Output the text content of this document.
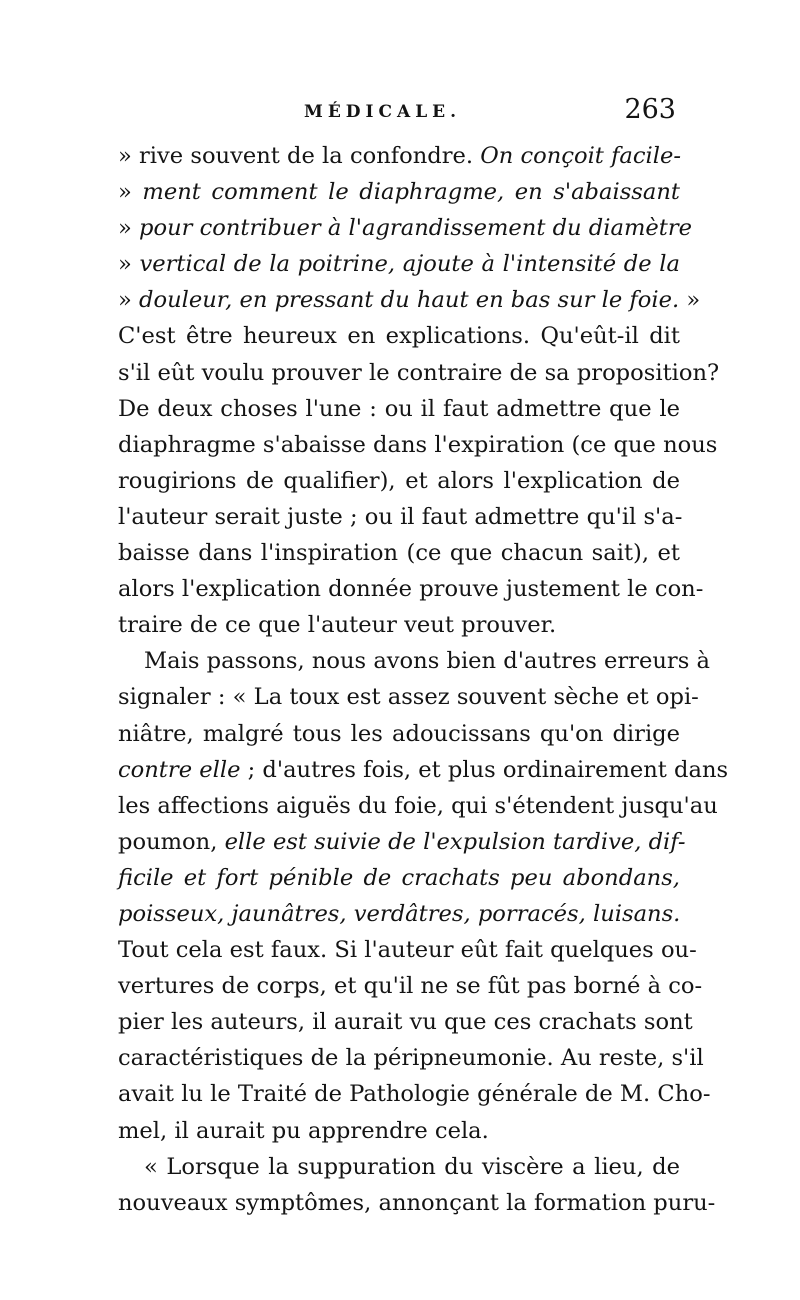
MÉDICALE.	263
» rive souvent de la confondre. On conçoit facile-
» ment comment le diaphragme, en s'abaissant
» pour contribuer à l'agrandissement du diamètre
» vertical de la poitrine, ajoute à l'intensité de la
» douleur, en pressant du haut en bas sur le foie. »
C'est être heureux en explications. Qu'eût-il dit
s'il eût voulu prouver le contraire de sa proposition?
De deux choses l'une : ou il faut admettre que le
diaphragme s'abaisse dans l'expiration (ce que nous
rougirions de qualifier), et alors l'explication de
l'auteur serait juste ; ou il faut admettre qu'il s'a-
baisse dans l'inspiration (ce que chacun sait), et
alors l'explication donnée prouve justement le con-
traire de ce que l'auteur veut prouver.
Mais passons, nous avons bien d'autres erreurs à
signaler : « La toux est assez souvent sèche et opi-
niâtre, malgré tous les adoucissans qu'on dirige
contre elle ; d'autres fois, et plus ordinairement dans
les affections aiguës du foie, qui s'étendent jusqu'au
poumon, elle est suivie de l'expulsion tardive, dif-
ficile et fort pénible de crachats peu abondans,
poisseux, jaunâtres, verdâtres, porracés, luisans.
Tout cela est faux. Si l'auteur eût fait quelques ou-
vertures de corps, et qu'il ne se fût pas borné à co-
pier les auteurs, il aurait vu que ces crachats sont
caractéristiques de la péripneumonie. Au reste, s'il
avait lu le Traité de Pathologie générale de M. Cho-
mel, il aurait pu apprendre cela.
« Lorsque la suppuration du viscère a lieu, de
nouveaux symptômes, annonçant la formation puru-
